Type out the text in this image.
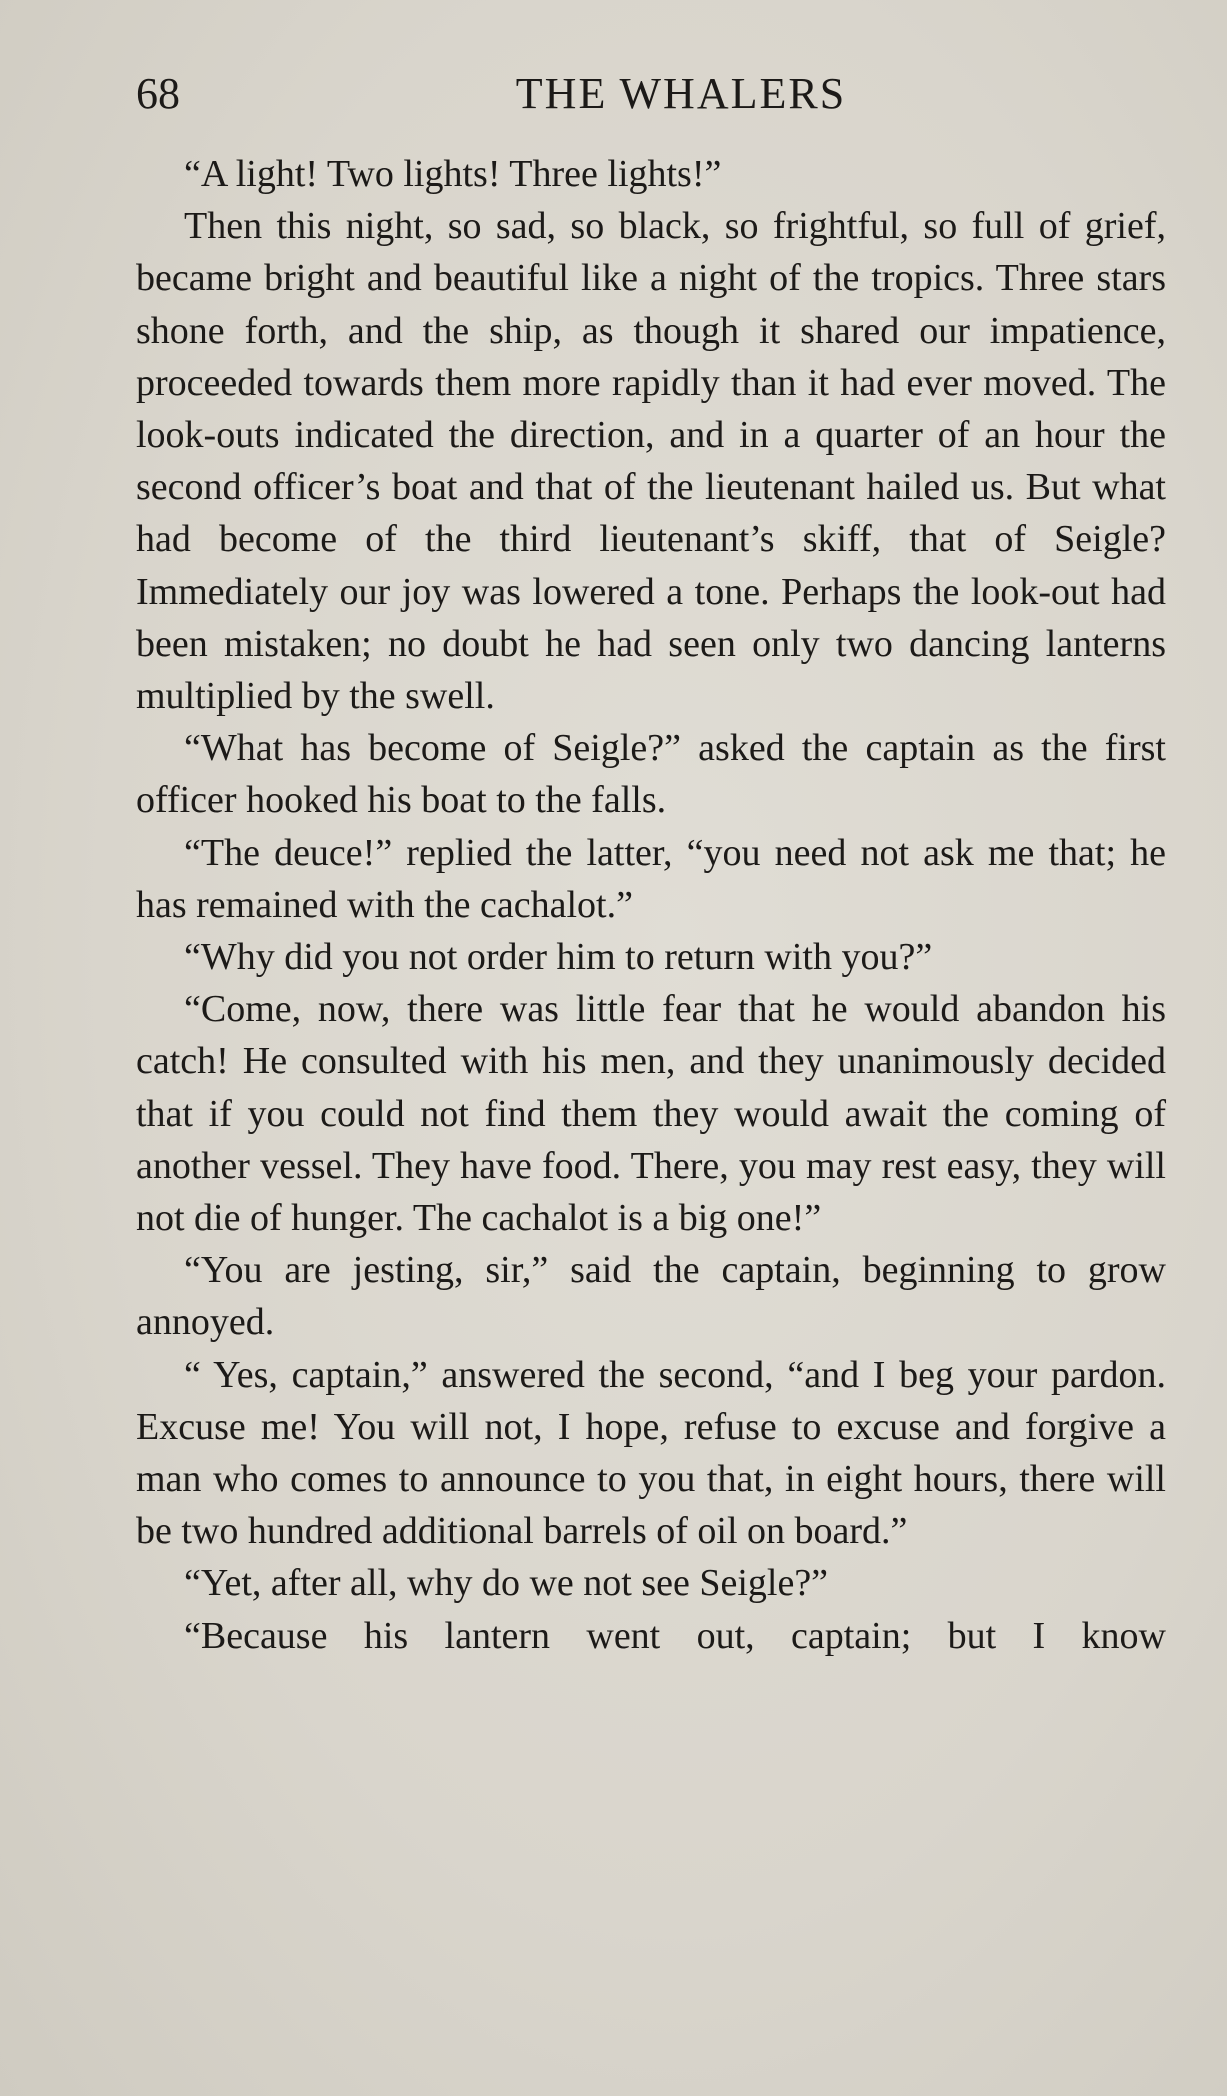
68	THE WHALERS

“A light! Two lights! Three lights!”

Then this night, so sad, so black, so frightful, so full of grief, became bright and beautiful like a night of the tropics. Three stars shone forth, and the ship, as though it shared our impatience, proceeded towards them more rapidly than it had ever moved. The look-outs indicated the direction, and in a quarter of an hour the second officer’s boat and that of the lieutenant hailed us. But what had become of the third lieutenant’s skiff, that of Seigle? Immediately our joy was lowered a tone. Perhaps the look-out had been mistaken; no doubt he had seen only two dancing lanterns multiplied by the swell.

“What has become of Seigle?” asked the captain as the first officer hooked his boat to the falls.

“The deuce!” replied the latter, “you need not ask me that; he has remained with the cachalot.”

“Why did you not order him to return with you?”

“Come, now, there was little fear that he would abandon his catch! He consulted with his men, and they unanimously decided that if you could not find them they would await the coming of another vessel. They have food. There, you may rest easy, they will not die of hunger. The cachalot is a big one!”

“You are jesting, sir,” said the captain, beginning to grow annoyed.

“ Yes, captain,” answered the second, “and I beg your pardon. Excuse me! You will not, I hope, refuse to excuse and forgive a man who comes to announce to you that, in eight hours, there will be two hundred additional barrels of oil on board.”

“Yet, after all, why do we not see Seigle?”

“Because his lantern went out, captain; but I know
